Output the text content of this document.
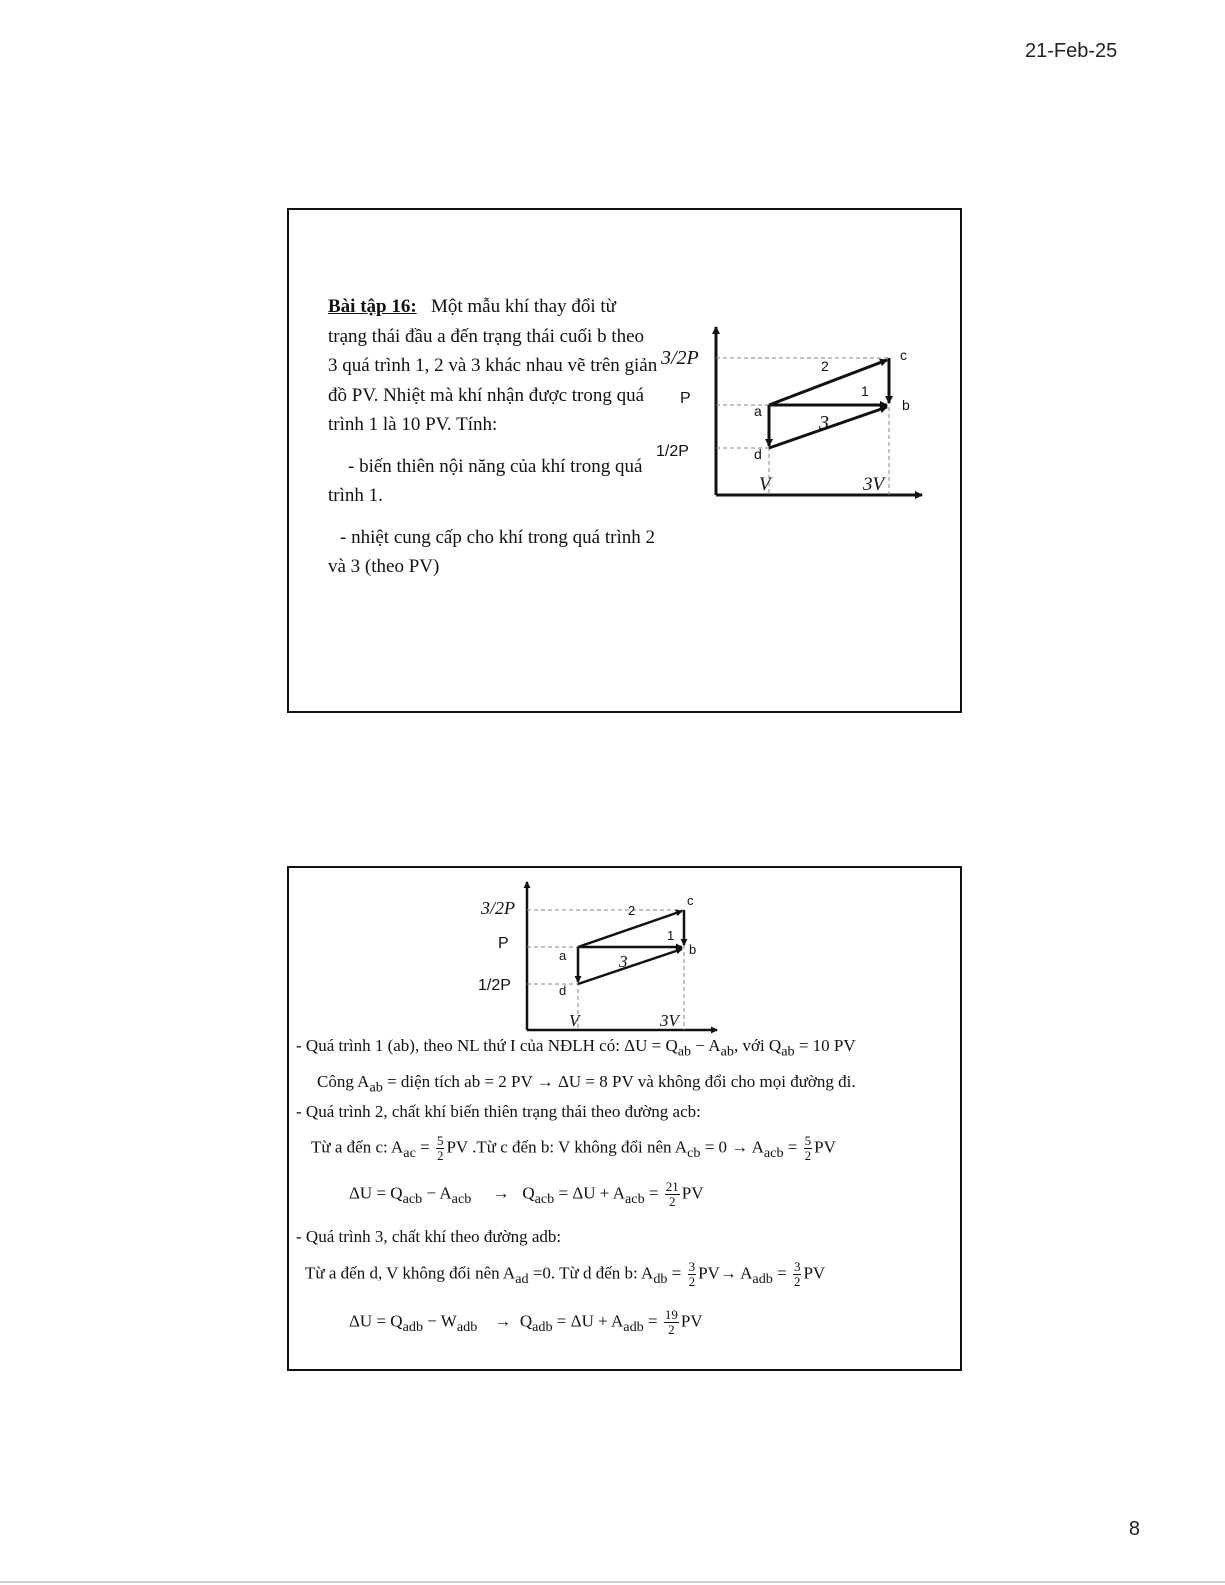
21-Feb-25

Bài tập 16: Một mẫu khí thay đổi từ trạng thái đầu a đến trạng thái cuối b theo 3 quá trình 1, 2 và 3 khác nhau vẽ trên giản đồ PV. Nhiệt mà khí nhận được trong quá trình 1 là 10 PV. Tính:

- biến thiên nội năng của khí trong quá trình 1.

- nhiệt cung cấp cho khí trong quá trình 2 và 3 (theo PV)

3/2P
P
1/2P
V	3V
a	b
c
d
1
2
3
3/2P
P
1/2P
V	3V
a	b
c
d
1
2
3
- Quá trình 1 (ab), theo NL thứ I của NĐLH có: $\Delta U = Q_{ab} - A_{ab}$, với $Q_{ab} = 10$ PV
Công $A_{ab}$ = diện tích ab = 2 PV → ΔU = 8 PV và không đổi cho mọi đường đi.
- Quá trình 2, chất khí biến thiên trạng thái theo đường acb:
Từ a đến c: $A_{ac} = \frac{5}{2}$ PV .Từ c đến b: V không đổi nên $A_{cb} = 0 \to A_{acb} = \frac{5}{2}$ PV
$\Delta U = Q_{acb} - A_{acb}$     →   $Q_{acb} = \Delta U + A_{acb} = \frac{21}{2}$ PV
- Quá trình 3, chất khí theo đường adb:
Từ a đến d, V không đổi nên $A_{ad} =0$. Từ d đến b: $A_{db} = \frac{3}{2} PV\to A_{adb} = \frac{3}{2}$ PV
$\Delta U = Q_{adb} - W_{adb}$    →  $Q_{adb} = \Delta U + A_{adb} = \frac{19}{2}$ PV
8
